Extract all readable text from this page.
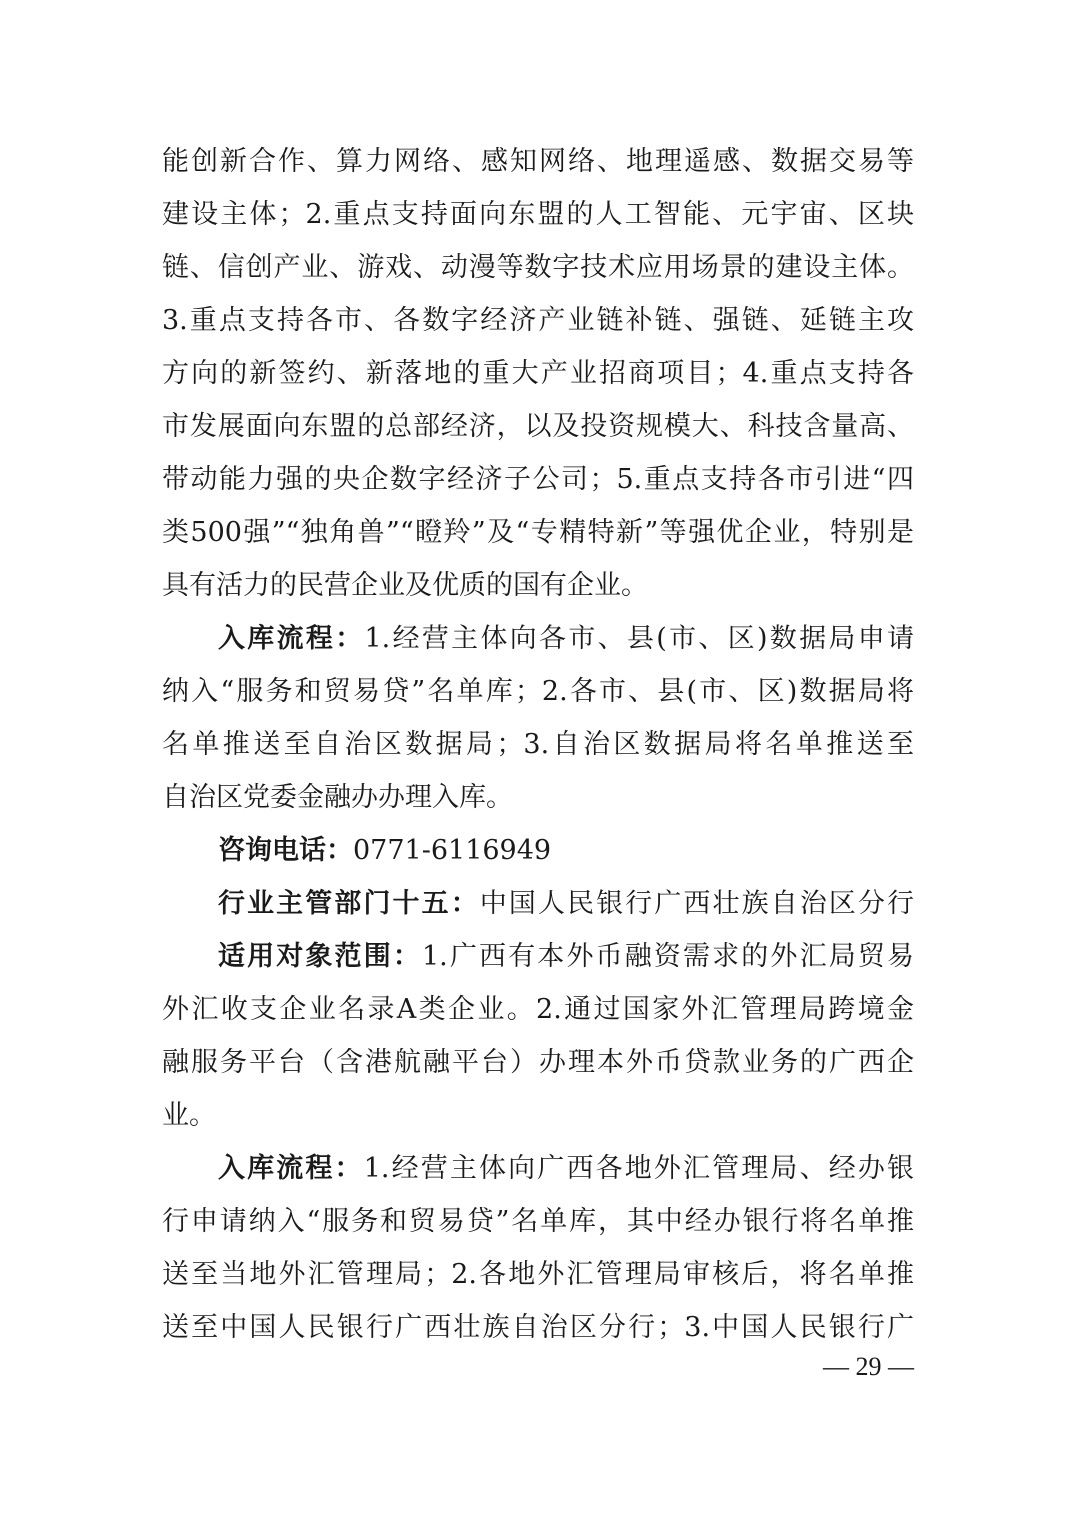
能创新合作、算力网络、感知网络、地理遥感、数据交易等
建设主体；2.重点支持面向东盟的人工智能、元宇宙、区块
链、信创产业、游戏、动漫等数字技术应用场景的建设主体。
3.重点支持各市、各数字经济产业链补链、强链、延链主攻
方向的新签约、新落地的重大产业招商项目；4.重点支持各
市发展面向东盟的总部经济，以及投资规模大、科技含量高、
带动能力强的央企数字经济子公司；5.重点支持各市引进“四
类500强”“独角兽”“瞪羚”及“专精特新”等强优企业，特别是
具有活力的民营企业及优质的国有企业。
入库流程：1.经营主体向各市、县(市、区)数据局申请
纳入“服务和贸易贷”名单库；2.各市、县(市、区)数据局将
名单推送至自治区数据局；3.自治区数据局将名单推送至
自治区党委金融办办理入库。
咨询电话：0771-6116949
行业主管部门十五：中国人民银行广西壮族自治区分行
适用对象范围：1.广西有本外币融资需求的外汇局贸易
外汇收支企业名录A类企业。2.通过国家外汇管理局跨境金
融服务平台（含港航融平台）办理本外币贷款业务的广西企
业。
入库流程：1.经营主体向广西各地外汇管理局、经办银
行申请纳入“服务和贸易贷”名单库，其中经办银行将名单推
送至当地外汇管理局；2.各地外汇管理局审核后，将名单推
送至中国人民银行广西壮族自治区分行；3.中国人民银行广
— 29 —
